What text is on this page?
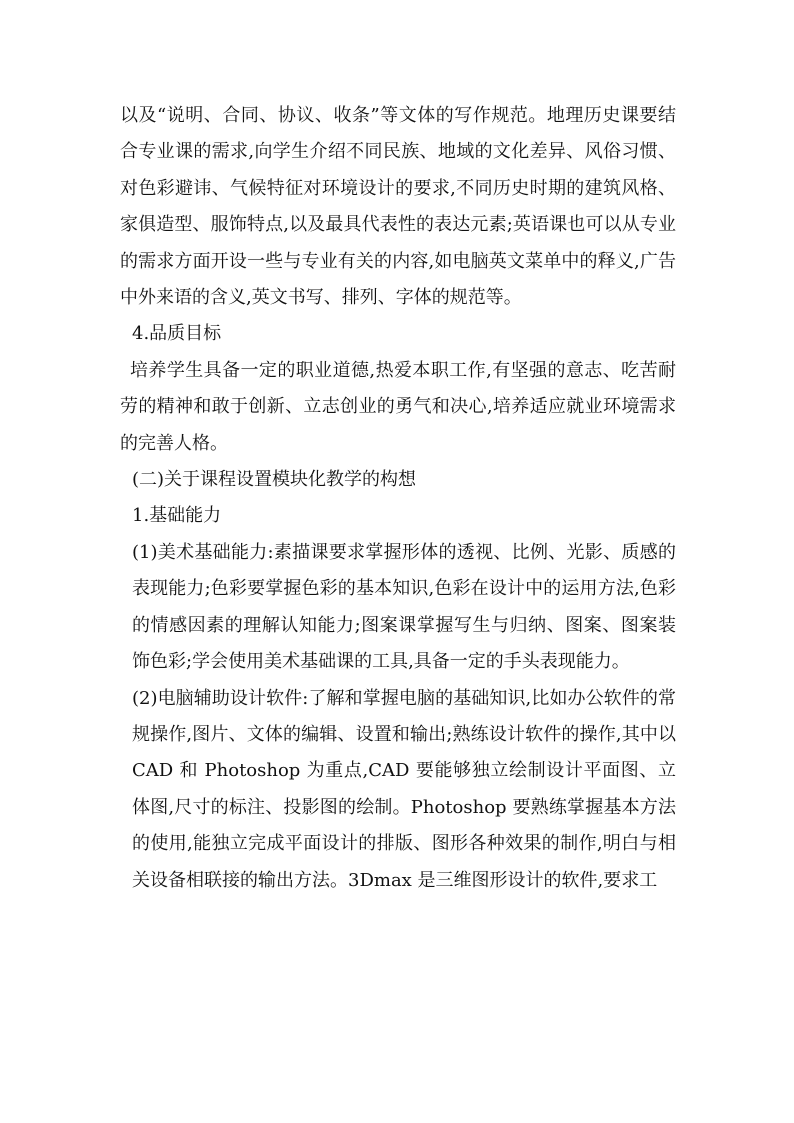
以及“说明、合同、协议、收条”等文体的写作规范。地理历史课要结合专业课的需求,向学生介绍不同民族、地域的文化差异、风俗习惯、对色彩避讳、气候特征对环境设计的要求,不同历史时期的建筑风格、家俱造型、服饰特点,以及最具代表性的表达元素;英语课也可以从专业的需求方面开设一些与专业有关的内容,如电脑英文菜单中的释义,广告中外来语的含义,英文书写、排列、字体的规范等。

4.品质目标

培养学生具备一定的职业道德,热爱本职工作,有坚强的意志、吃苦耐劳的精神和敢于创新、立志创业的勇气和决心,培养适应就业环境需求的完善人格。

(二)关于课程设置模块化教学的构想

1.基础能力

(1)美术基础能力:素描课要求掌握形体的透视、比例、光影、质感的表现能力;色彩要掌握色彩的基本知识,色彩在设计中的运用方法,色彩的情感因素的理解认知能力;图案课掌握写生与归纳、图案、图案装饰色彩;学会使用美术基础课的工具,具备一定的手头表现能力。

(2)电脑辅助设计软件:了解和掌握电脑的基础知识,比如办公软件的常规操作,图片、文体的编辑、设置和输出;熟练设计软件的操作,其中以 CAD 和 Photoshop 为重点,CAD 要能够独立绘制设计平面图、立体图,尺寸的标注、投影图的绘制。Photoshop 要熟练掌握基本方法的使用,能独立完成平面设计的排版、图形各种效果的制作,明白与相关设备相联接的输出方法。3Dmax 是三维图形设计的软件,要求工
